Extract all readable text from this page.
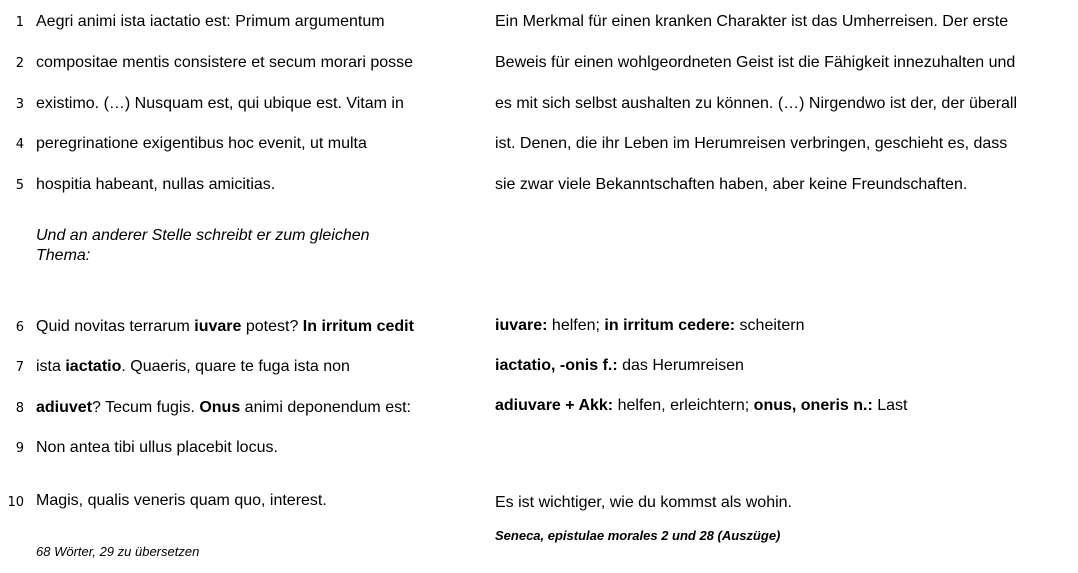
1 Aegri animi ista iactatio est: Primum argumentum
2 compositae mentis consistere et secum morari posse
3 existimo. (…) Nusquam est, qui ubique est. Vitam in
4 peregrinatione exigentibus hoc evenit, ut multa
5 hospitia habeant, nullas amicitias.
Ein Merkmal für einen kranken Charakter ist das Umherreisen. Der erste
Beweis für einen wohlgeordneten Geist ist die Fähigkeit innezuhalten und
es mit sich selbst aushalten zu können. (…) Nirgendwo ist der, der überall
ist. Denen, die ihr Leben im Herumreisen verbringen, geschieht es, dass
sie zwar viele Bekanntschaften haben, aber keine Freundschaften.
Und an anderer Stelle schreibt er zum gleichen
Thema:
6 Quid novitas terrarum iuvare potest? In irritum cedit
7 ista iactatio. Quaeris, quare te fuga ista non
8 adiuvet? Tecum fugis. Onus animi deponendum est:
9 Non antea tibi ullus placebit locus.
10 Magis, qualis veneris quam quo, interest.
iuvare: helfen; in irritum cedere: scheitern
iactatio, -onis f.: das Herumreisen
adiuvare + Akk: helfen, erleichtern; onus, oneris n.: Last
Es ist wichtiger, wie du kommst als wohin.
Seneca, epistulae morales 2 und 28 (Auszüge)
68 Wörter, 29 zu übersetzen
